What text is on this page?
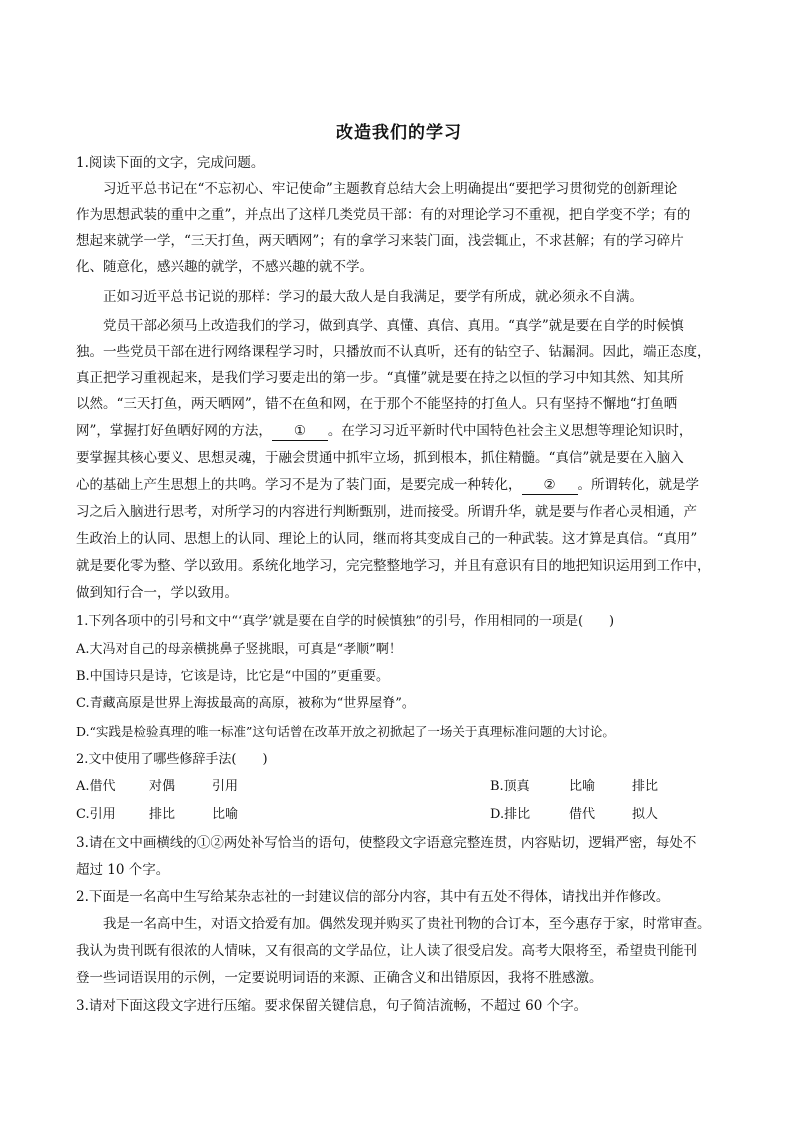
改造我们的学习
1.阅读下面的文字，完成问题。
习近平总书记在“不忘初心、牢记使命”主题教育总结大会上明确提出“要把学习贯彻党的创新理论
作为思想武装的重中之重”，并点出了这样几类党员干部：有的对理论学习不重视，把自学变不学；有的
想起来就学一学，“三天打鱼，两天晒网”；有的拿学习来装门面，浅尝辄止，不求甚解；有的学习碎片
化、随意化，感兴趣的就学，不感兴趣的就不学。
正如习近平总书记说的那样：学习的最大敌人是自我满足，要学有所成，就必须永不自满。
党员干部必须马上改造我们的学习，做到真学、真懂、真信、真用。“真学”就是要在自学的时候慎
独。一些党员干部在进行网络课程学习时，只播放而不认真听，还有的钻空子、钻漏洞。因此，端正态度，
真正把学习重视起来，是我们学习要走出的第一步。“真懂”就是要在持之以恒的学习中知其然、知其所
以然。“三天打鱼，两天晒网”，错不在鱼和网，在于那个不能坚持的打鱼人。只有坚持不懈地“打鱼晒
网”，掌握打好鱼晒好网的方法， ① 。在学习习近平新时代中国特色社会主义思想等理论知识时，
要掌握其核心要义、思想灵魂，于融会贯通中抓牢立场，抓到根本，抓住精髓。“真信”就是要在入脑入
心的基础上产生思想上的共鸣。学习不是为了装门面，是要完成一种转化， ② 。所谓转化，就是学
习之后入脑进行思考，对所学习的内容进行判断甄别，进而接受。所谓升华，就是要与作者心灵相通，产
生政治上的认同、思想上的认同、理论上的认同，继而将其变成自己的一种武装。这才算是真信。“真用”
就是要化零为整、学以致用。系统化地学习，完完整整地学习，并且有意识有目的地把知识运用到工作中，
做到知行合一，学以致用。
1.下列各项中的引号和文中“‘真学’就是要在自学的时候慎独”的引号，作用相同的一项是(　　)
A.大冯对自己的母亲横挑鼻子竖挑眼，可真是“孝顺”啊！
B.中国诗只是诗，它该是诗，比它是“中国的”更重要。
C.青藏高原是世界上海拔最高的高原，被称为“世界屋脊”。
D.“实践是检验真理的唯一标准”这句话曾在改革开放之初掀起了一场关于真理标准问题的大讨论。
2.文中使用了哪些修辞手法(　　)
A.借代	对偶	引用	B.顶真	比喻	排比
C.引用	排比	比喻	D.排比	借代	拟人
3.请在文中画横线的①②两处补写恰当的语句，使整段文字语意完整连贯，内容贴切，逻辑严密，每处不
超过 10 个字。
2.下面是一名高中生写给某杂志社的一封建议信的部分内容，其中有五处不得体，请找出并作修改。
我是一名高中生，对语文拾爱有加。偶然发现并购买了贵社刊物的合订本，至今惠存于家，时常审查。
我认为贵刊既有很浓的人情味，又有很高的文学品位，让人读了很受启发。高考大限将至，希望贵刊能刊
登一些词语误用的示例，一定要说明词语的来源、正确含义和出错原因，我将不胜感激。
3.请对下面这段文字进行压缩。要求保留关键信息，句子简洁流畅，不超过 60 个字。
